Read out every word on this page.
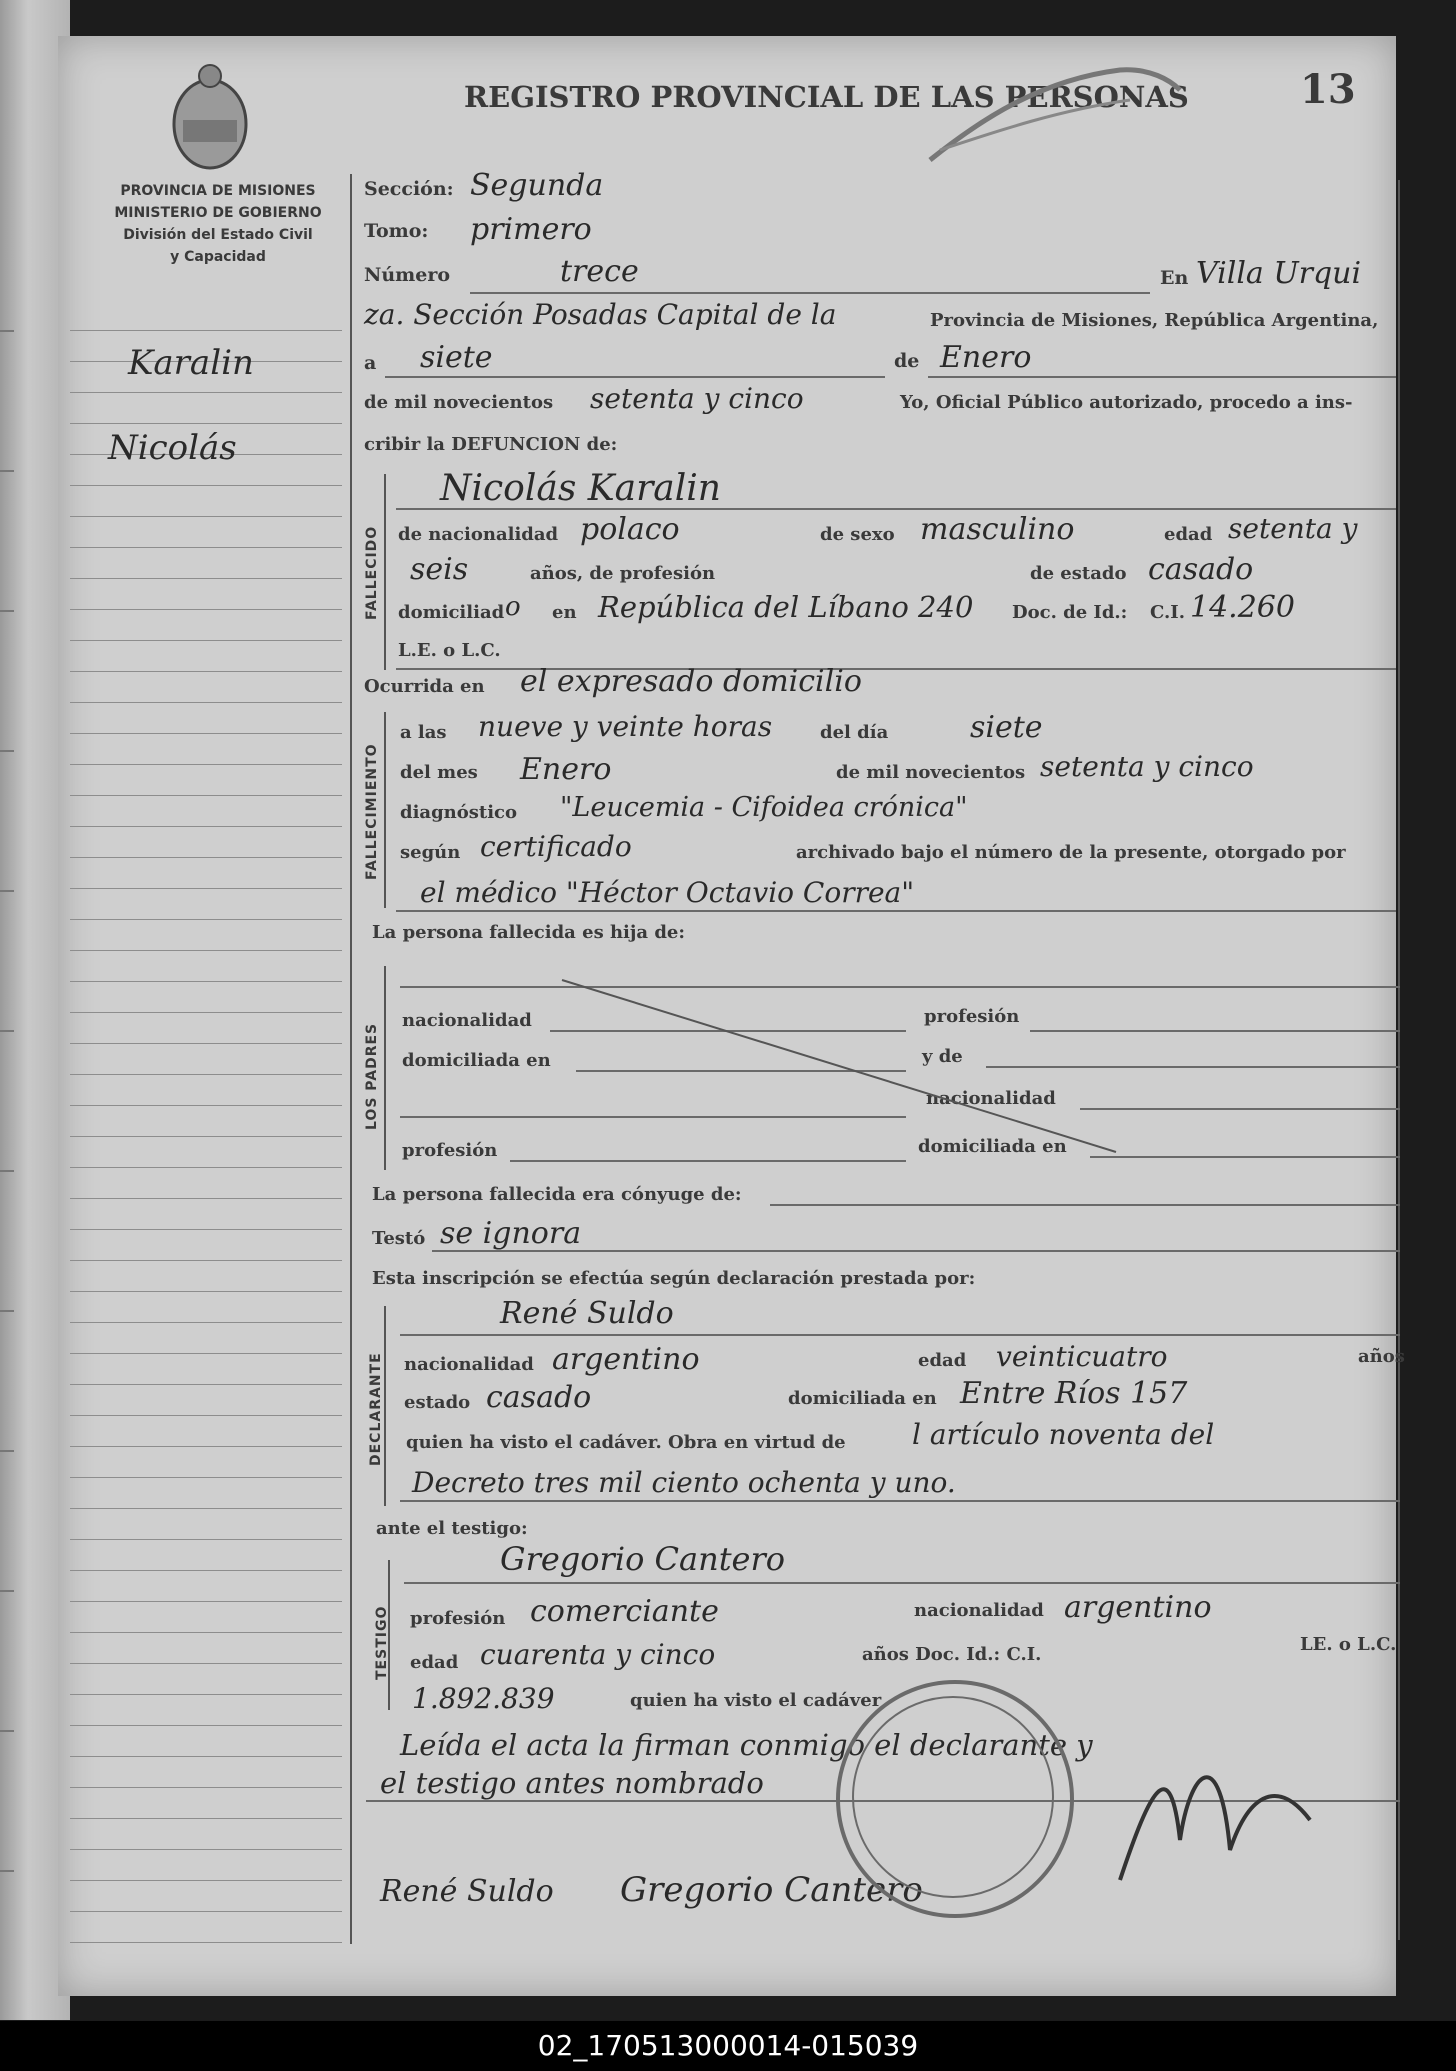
PROVINCIA DE MISIONES
MINISTERIO DE GOBIERNO
División del Estado Civil
y Capacidad
REGISTRO PROVINCIAL DE LAS PERSONAS	13
Karalin
Nicolás
Sección: Segunda
Tomo: primero
Número	trece	En Villa Urqui
za. Sección Posadas Capital de la	Provincia de Misiones, República Argentina,
a siete	de Enero
de mil novecientos setenta y cinco	Yo, Oficial Público autorizado, procedo a ins-
cribir la DEFUNCION de:
FALLECIDO
Nicolás Karalin
de nacionalidad polaco	de sexo masculino	edad setenta y
seis	años, de profesión	de estado casado
domiciliad o en República del Líbano 240 Doc. de Id.: C.I. 14.260
L.E. o L.C.
Ocurrida en el expresado domicilio
FALLECIMIENTO
a las nueve y veinte horas	del día	siete
del mes Enero	de mil novecientos setenta y cinco
diagnóstico "Leucemia - Cifoidea crónica"
según certificado	archivado bajo el número de la presente, otorgado por
el médico "Héctor Octavio Correa"
La persona fallecida es hija de:
LOS PADRES
nacionalidad	profesión
domiciliada en	y de
nacionalidad
profesión	domiciliada en
La persona fallecida era cónyuge de:
Testó se ignora
Esta inscripción se efectúa según declaración prestada por:
DECLARANTE
René Suldo
nacionalidad argentino	edad veinticuatro	años
estado casado	domiciliada en Entre Ríos 157
quien ha visto el cadáver. Obra en virtud de l artículo noventa del
Decreto tres mil ciento ochenta y uno.
ante el testigo:
TESTIGO
Gregorio Cantero
profesión comerciante	nacionalidad argentino
edad cuarenta y cinco	años Doc. Id.: C.I.	LE. o L.C.
1.892.839	quien ha visto el cadáver
Leída el acta la firman conmigo el declarante y
el testigo antes nombrado
René Suldo Gregorio Cantero
02_170513000014-015039
